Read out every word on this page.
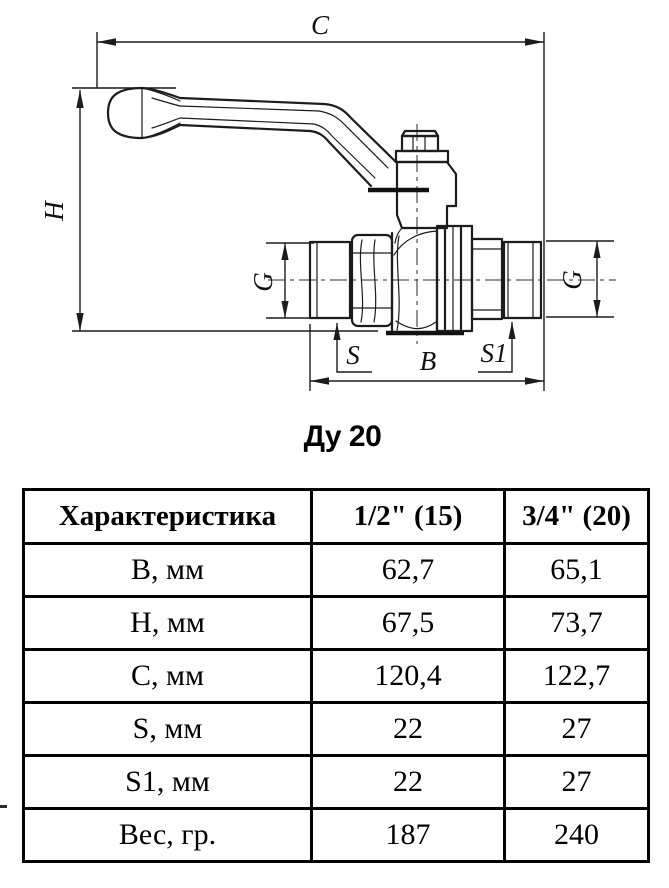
C
H
G	G
S B S1
Ду 20
Характеристика	1/2" (15)	3/4" (20)
B, мм	62,7	65,1
H, мм	67,5	73,7
C, мм	120,4	122,7
S, мм	22	27
S1, мм	22	27
Вес, гр.	187	240
